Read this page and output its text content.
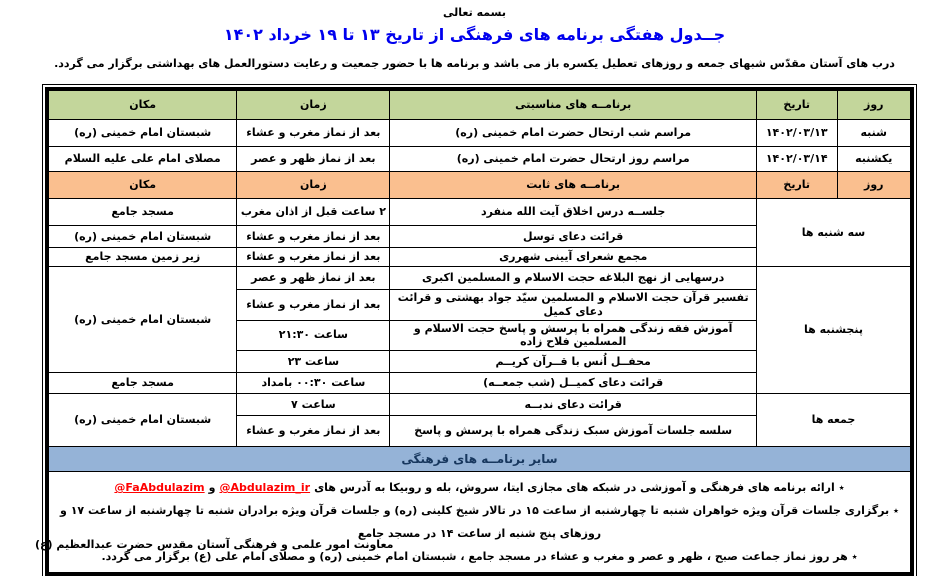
بسمه تعالی
جــدول هفتگی برنامه های فرهنگی از تاریخ ۱۳ تا ۱۹ خرداد ۱۴۰۲
درب های آستان مقدّس شبهای جمعه و روزهای تعطیل یکسره باز می باشد و برنامه ها با حضور جمعیت و رعایت دستورالعمل های بهداشتی برگزار می گردد.
روز	تاریخ	برنامــه های مناسبتی	زمان	مکان
شنبه	۱۴۰۲/۰۳/۱۳	مراسم شب ارتحال حضرت امام خمینی (ره)	بعد از نماز مغرب و عشاء	شبستان امام خمینی (ره)
یکشنبه	۱۴۰۲/۰۳/۱۴	مراسم روز ارتحال حضرت امام خمینی (ره)	بعد از نماز ظهر و عصر	مصلای امام علی علیه السلام
روز	تاریخ	برنامــه های ثابت	زمان	مکان
سه شنبه ها		جلســه درس اخلاق آیت الله منفرد	۲ ساعت قبل از اذان مغرب	مسجد جامع
		قرائت دعای توسل	بعد از نماز مغرب و عشاء	شبستان امام خمینی (ره)
		مجمع شعرای آیینی شهرری	بعد از نماز مغرب و عشاء	زیر زمین مسجد جامع
پنجشنبه ها		درسهایی از نهج البلاغه حجت الاسلام و المسلمین اکبری	بعد از نماز ظهر و عصر	شبستان امام خمینی (ره)
		تفسیر قرآن حجت الاسلام و المسلمین سیّد جواد بهشتی و قرائت دعای کمیل	بعد از نماز مغرب و عشاء	
		آموزش فقه زندگی همراه با پرسش و پاسخ حجت الاسلام و المسلمین فلاح زاده	ساعت ۲۱:۳۰	
		محفــل اُنس با قــرآن کریــم	ساعت ۲۳	
		قرائت دعای کمیــل (شب جمعــه)	ساعت ۰۰:۳۰ بامداد	مسجد جامع
جمعه ها		قرائت دعای ندبــه	ساعت ۷	شبستان امام خمینی (ره)
		سلسه جلسات آموزش سبک زندگی همراه با پرسش و پاسخ	بعد از نماز مغرب و عشاء	
سایر برنامــه های فرهنگی				

٭ ارائه برنامه های فرهنگی و آموزشی در شبکه های مجازی ایتا، سروش، بله و روبیکا به آدرس های@Abdulazim_irو@FaAbdulazim
٭ برگزاری جلسات قرآن ویژه خواهران شنبه تا چهارشنبه از ساعت ۱۵ در تالار شیخ کلینی (ره) و جلسات قرآن ویژه برادران شنبه تا چهارشنبه از ساعت ۱۷ و روزهای پنج شنبه از ساعت ۱۴ در مسجد جامع
٭ هر روز نماز جماعت صبح ، ظهر و عصر و مغرب و عشاء در مسجد جامع ، شبستان امام خمینی (ره) و مصلای امام علی (ع) برگزار می گردد.				
معاونت امور علمی و فرهنگی آستان مقدس حضرت عبدالعظیم (ع)
